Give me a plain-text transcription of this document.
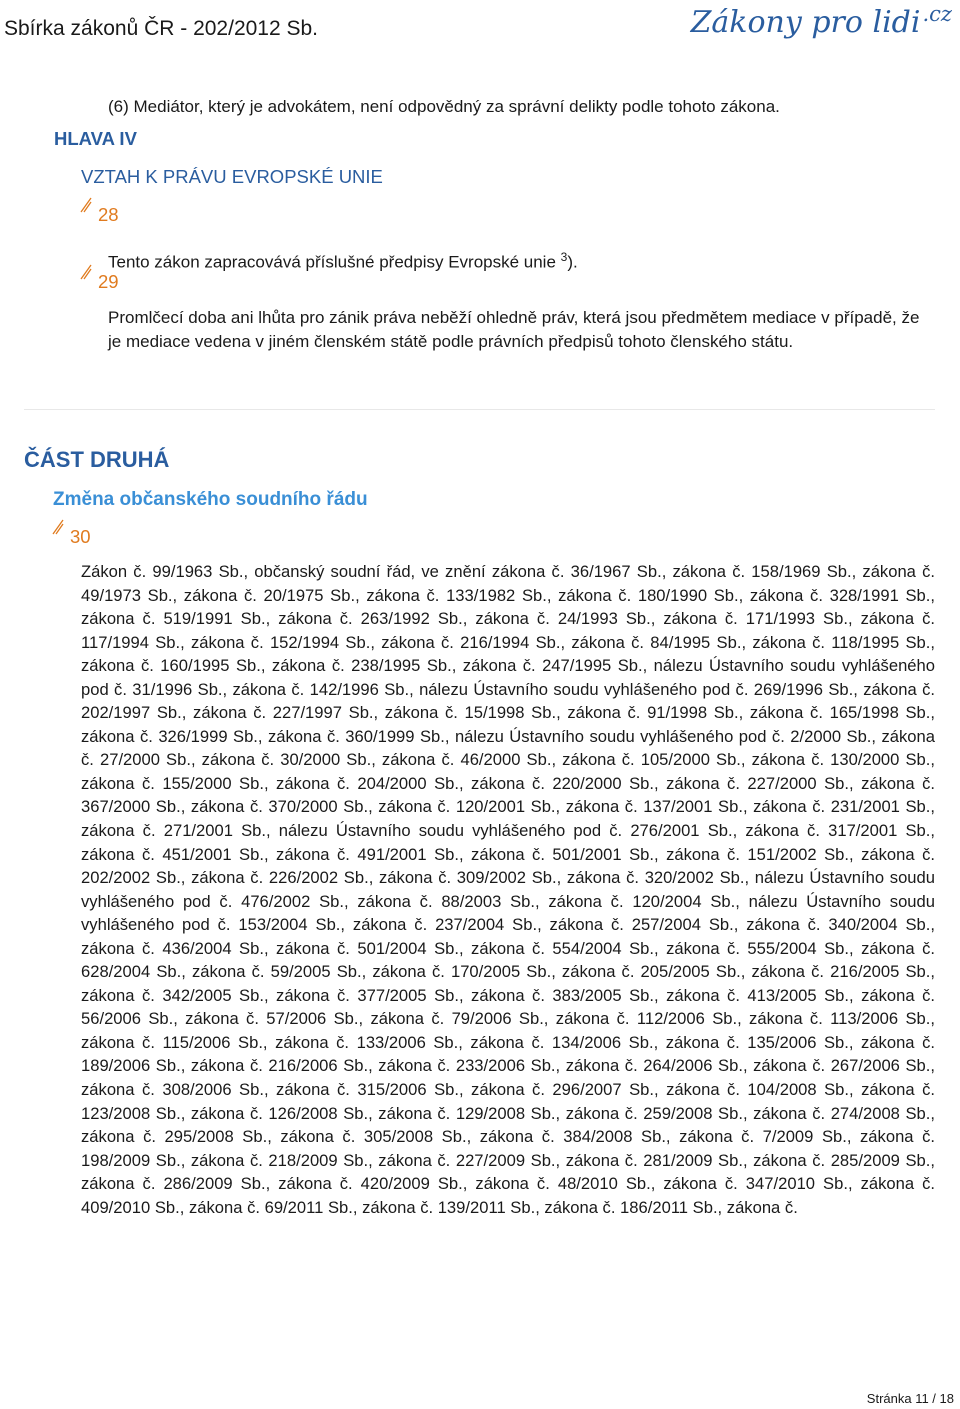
Sbírka zákonů ČR - 202/2012 Sb.	Zákony pro lidi$^{.cz}$
(6) Mediátor, který je advokátem, není odpovědný za správní delikty podle tohoto zákona.
HLAVA IV
VZTAH K PRÁVU EVROPSKÉ UNIE
28
Tento zákon zapracovává příslušné předpisy Evropské unie $^3$).
29
Promlčecí doba ani lhůta pro zánik práva neběží ohledně práv, která jsou předmětem mediace v případě, že je mediace vedena v jiném členském státě podle právních předpisů tohoto členského státu.
ČÁST DRUHÁ
Změna občanského soudního řádu
30
Zákon č. 99/1963 Sb., občanský soudní řád, ve znění zákona č. 36/1967 Sb., zákona č. 158/1969 Sb., zákona č. 49/1973 Sb., zákona č. 20/1975 Sb., zákona č. 133/1982 Sb., zákona č. 180/1990 Sb., zákona č. 328/1991 Sb., zákona č. 519/1991 Sb., zákona č. 263/1992 Sb., zákona č. 24/1993 Sb., zákona č. 171/1993 Sb., zákona č. 117/1994 Sb., zákona č. 152/1994 Sb., zákona č. 216/1994 Sb., zákona č. 84/1995 Sb., zákona č. 118/1995 Sb., zákona č. 160/1995 Sb., zákona č. 238/1995 Sb., zákona č. 247/1995 Sb., nálezu Ústavního soudu vyhlášeného pod č. 31/1996 Sb., zákona č. 142/1996 Sb., nálezu Ústavního soudu vyhlášeného pod č. 269/1996 Sb., zákona č. 202/1997 Sb., zákona č. 227/1997 Sb., zákona č. 15/1998 Sb., zákona č. 91/1998 Sb., zákona č. 165/1998 Sb., zákona č. 326/1999 Sb., zákona č. 360/1999 Sb., nálezu Ústavního soudu vyhlášeného pod č. 2/2000 Sb., zákona č. 27/2000 Sb., zákona č. 30/2000 Sb., zákona č. 46/2000 Sb., zákona č. 105/2000 Sb., zákona č. 130/2000 Sb., zákona č. 155/2000 Sb., zákona č. 204/2000 Sb., zákona č. 220/2000 Sb., zákona č. 227/2000 Sb., zákona č. 367/2000 Sb., zákona č. 370/2000 Sb., zákona č. 120/2001 Sb., zákona č. 137/2001 Sb., zákona č. 231/2001 Sb., zákona č. 271/2001 Sb., nálezu Ústavního soudu vyhlášeného pod č. 276/2001 Sb., zákona č. 317/2001 Sb., zákona č. 451/2001 Sb., zákona č. 491/2001 Sb., zákona č. 501/2001 Sb., zákona č. 151/2002 Sb., zákona č. 202/2002 Sb., zákona č. 226/2002 Sb., zákona č. 309/2002 Sb., zákona č. 320/2002 Sb., nálezu Ústavního soudu vyhlášeného pod č. 476/2002 Sb., zákona č. 88/2003 Sb., zákona č. 120/2004 Sb., nálezu Ústavního soudu vyhlášeného pod č. 153/2004 Sb., zákona č. 237/2004 Sb., zákona č. 257/2004 Sb., zákona č. 340/2004 Sb., zákona č. 436/2004 Sb., zákona č. 501/2004 Sb., zákona č. 554/2004 Sb., zákona č. 555/2004 Sb., zákona č. 628/2004 Sb., zákona č. 59/2005 Sb., zákona č. 170/2005 Sb., zákona č. 205/2005 Sb., zákona č. 216/2005 Sb., zákona č. 342/2005 Sb., zákona č. 377/2005 Sb., zákona č. 383/2005 Sb., zákona č. 413/2005 Sb., zákona č. 56/2006 Sb., zákona č. 57/2006 Sb., zákona č. 79/2006 Sb., zákona č. 112/2006 Sb., zákona č. 113/2006 Sb., zákona č. 115/2006 Sb., zákona č. 133/2006 Sb., zákona č. 134/2006 Sb., zákona č. 135/2006 Sb., zákona č. 189/2006 Sb., zákona č. 216/2006 Sb., zákona č. 233/2006 Sb., zákona č. 264/2006 Sb., zákona č. 267/2006 Sb., zákona č. 308/2006 Sb., zákona č. 315/2006 Sb., zákona č. 296/2007 Sb., zákona č. 104/2008 Sb., zákona č. 123/2008 Sb., zákona č. 126/2008 Sb., zákona č. 129/2008 Sb., zákona č. 259/2008 Sb., zákona č. 274/2008 Sb., zákona č. 295/2008 Sb., zákona č. 305/2008 Sb., zákona č. 384/2008 Sb., zákona č. 7/2009 Sb., zákona č. 198/2009 Sb., zákona č. 218/2009 Sb., zákona č. 227/2009 Sb., zákona č. 281/2009 Sb., zákona č. 285/2009 Sb., zákona č. 286/2009 Sb., zákona č. 420/2009 Sb., zákona č. 48/2010 Sb., zákona č. 347/2010 Sb., zákona č. 409/2010 Sb., zákona č. 69/2011 Sb., zákona č. 139/2011 Sb., zákona č. 186/2011 Sb., zákona č.
Stránka 11 / 18
